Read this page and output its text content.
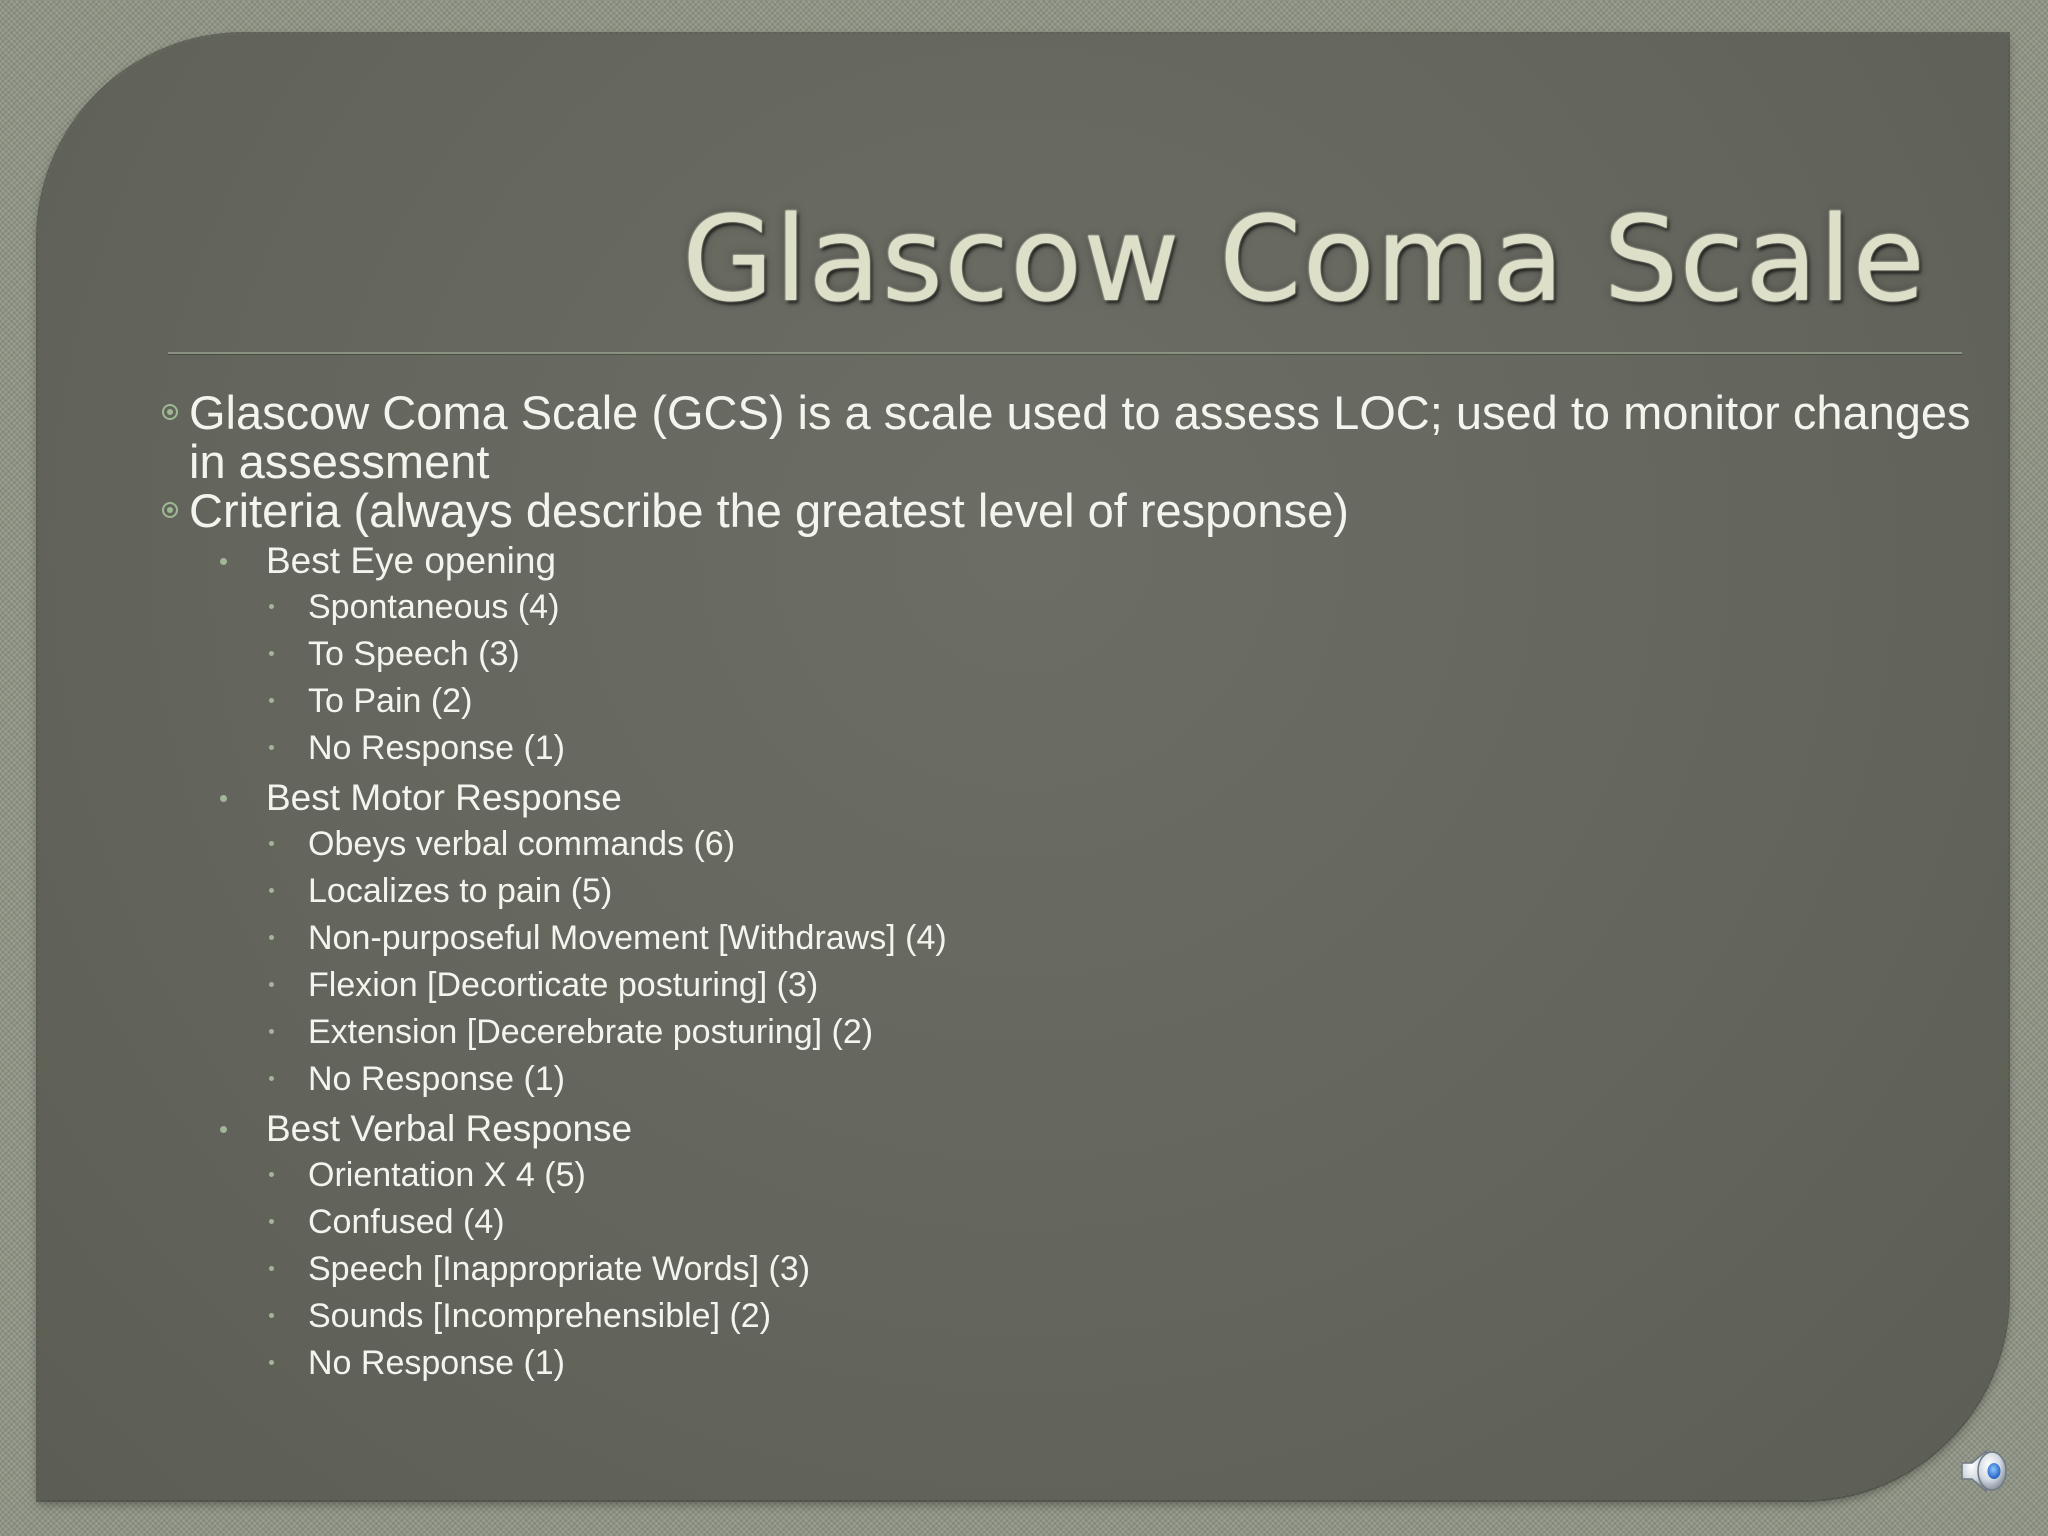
Glascow Coma Scale
Glascow Coma Scale (GCS) is a scale used to assess LOC; used to monitor changes in assessment
Criteria (always describe the greatest level of response)
Best Eye opening
Spontaneous (4)
To Speech (3)
To Pain (2)
No Response (1)
Best Motor Response
Obeys verbal commands (6)
Localizes to pain (5)
Non-purposeful Movement [Withdraws] (4)
Flexion [Decorticate posturing] (3)
Extension [Decerebrate posturing] (2)
No Response (1)
Best Verbal Response
Orientation X 4 (5)
Confused (4)
Speech [Inappropriate Words] (3)
Sounds [Incomprehensible] (2)
No Response (1)
